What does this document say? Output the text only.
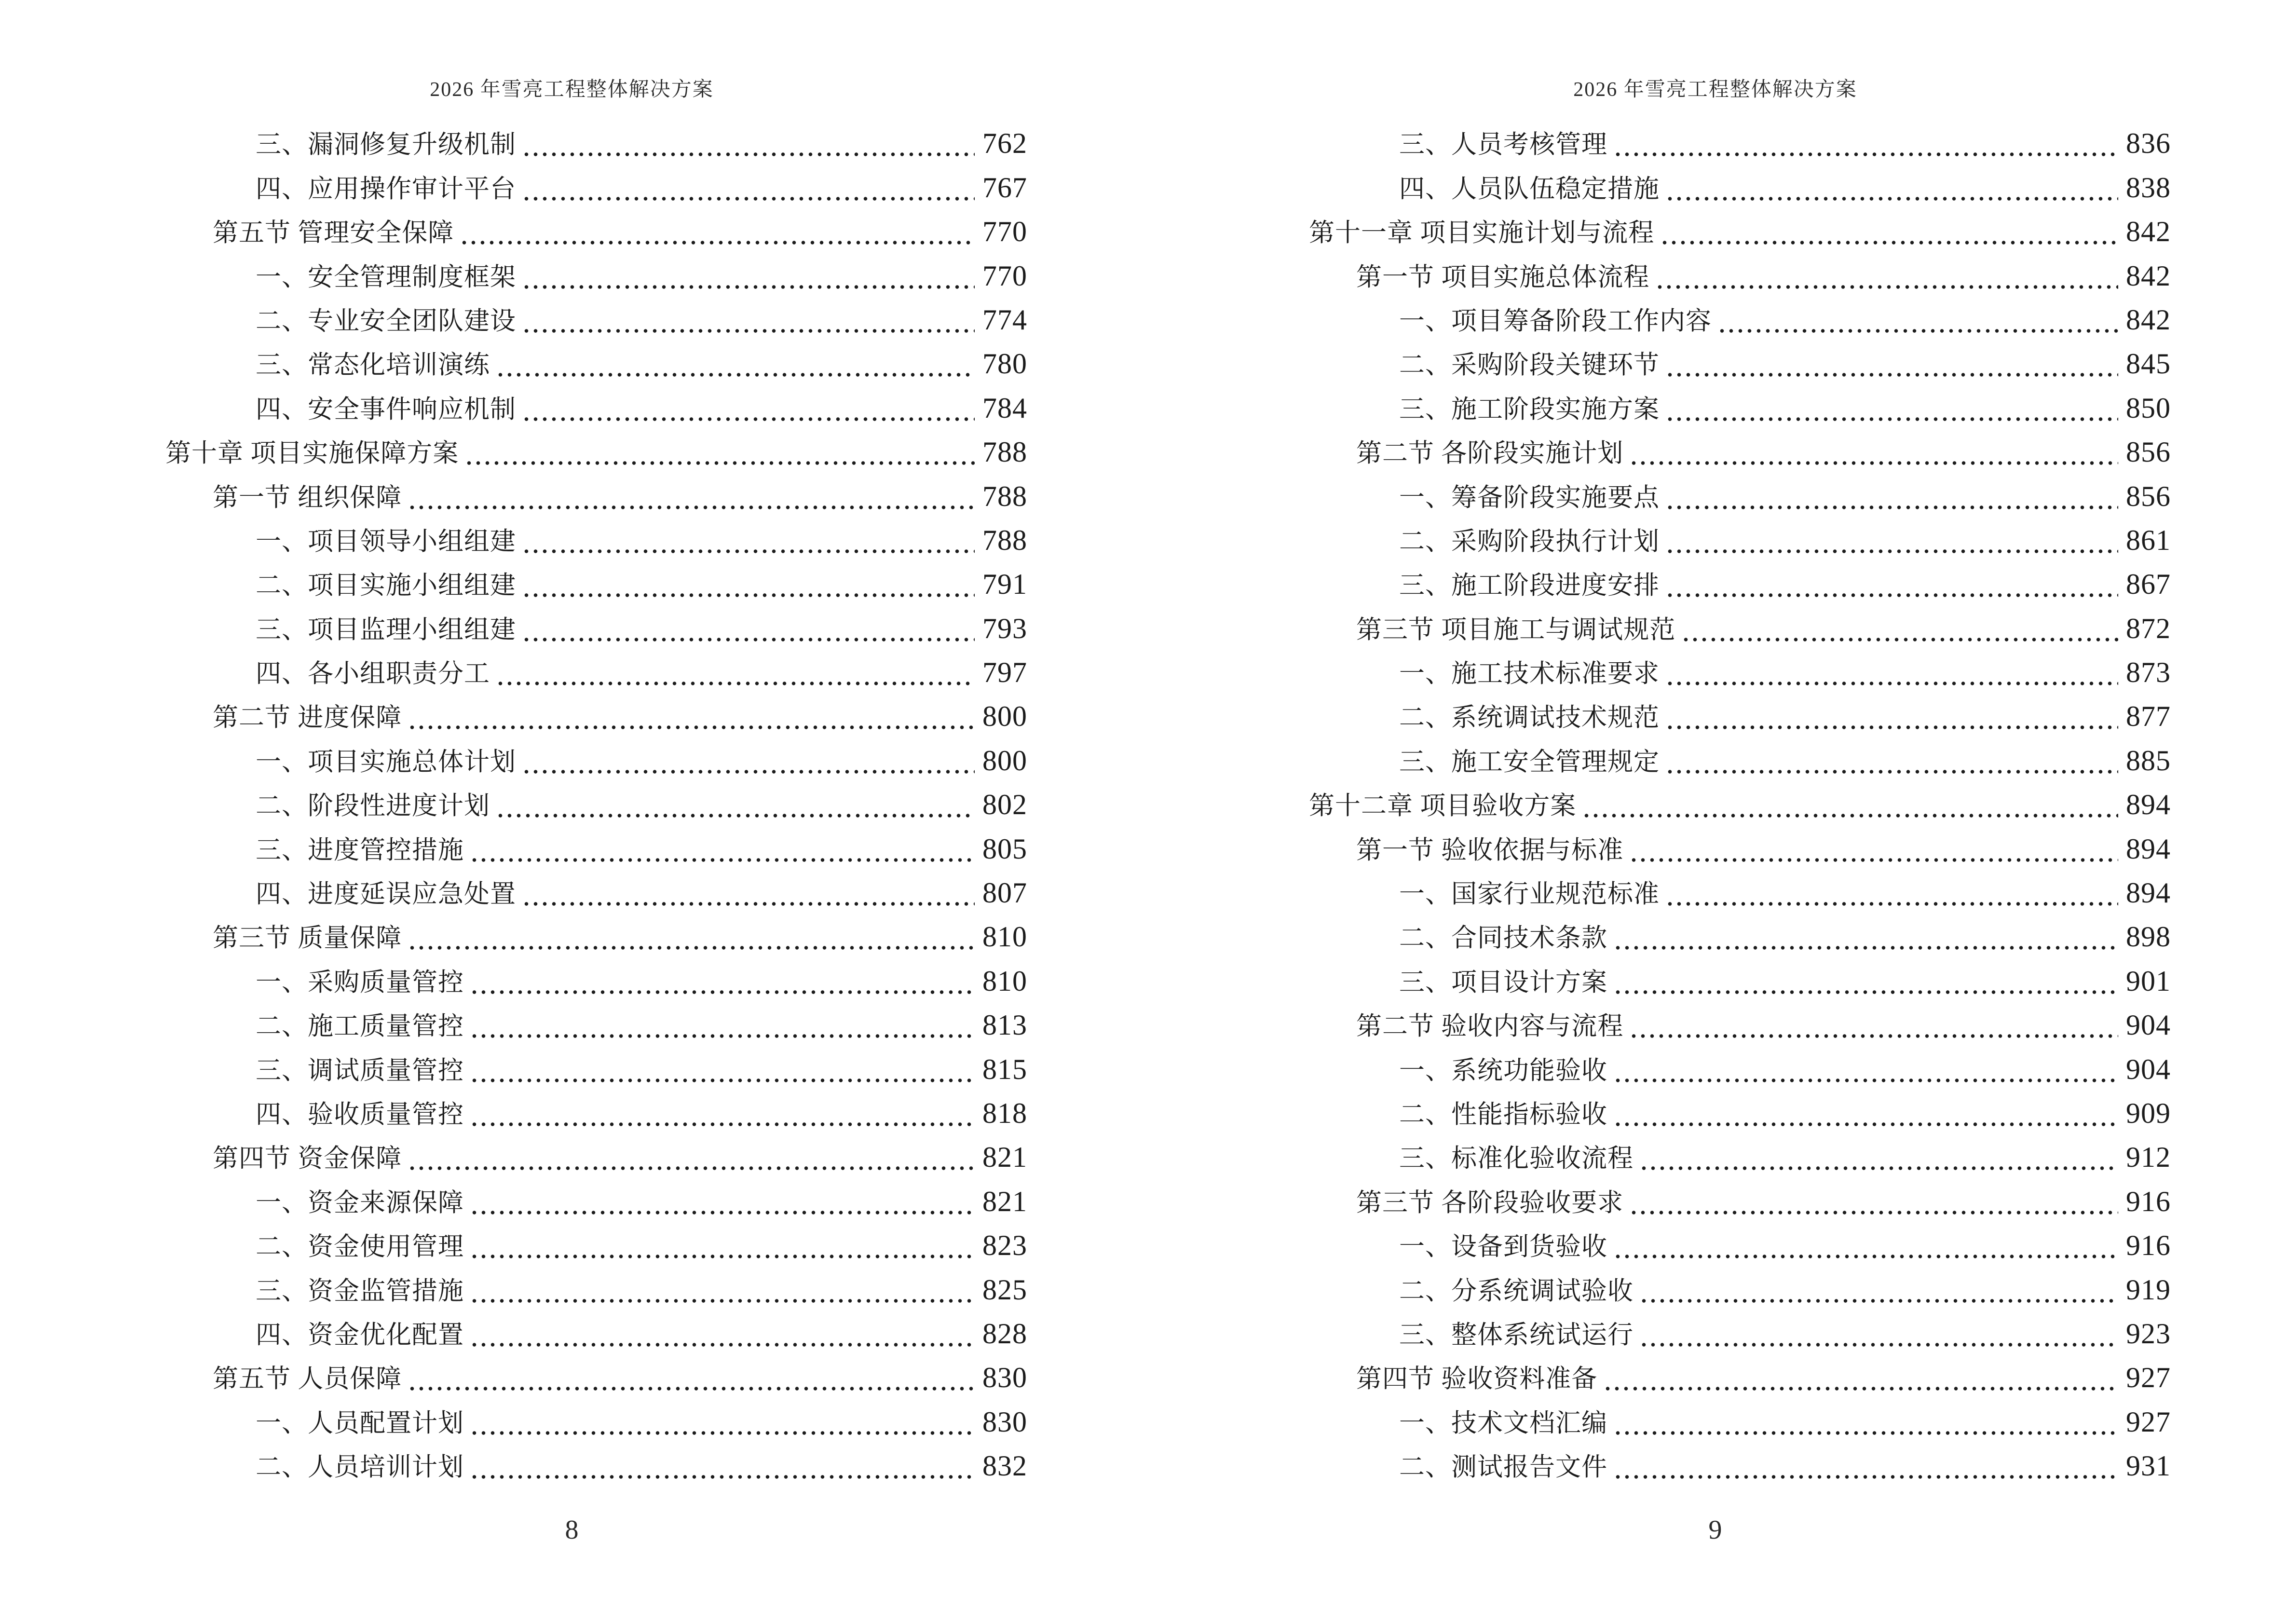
2026 年雪亮工程整体解决方案
三、漏洞修复升级机制	762
四、应用操作审计平台	767
第五节 管理安全保障	770
一、安全管理制度框架	770
二、专业安全团队建设	774
三、常态化培训演练	780
四、安全事件响应机制	784
第十章 项目实施保障方案	788
第一节 组织保障	788
一、项目领导小组组建	788
二、项目实施小组组建	791
三、项目监理小组组建	793
四、各小组职责分工	797
第二节 进度保障	800
一、项目实施总体计划	800
二、阶段性进度计划	802
三、进度管控措施	805
四、进度延误应急处置	807
第三节 质量保障	810
一、采购质量管控	810
二、施工质量管控	813
三、调试质量管控	815
四、验收质量管控	818
第四节 资金保障	821
一、资金来源保障	821
二、资金使用管理	823
三、资金监管措施	825
四、资金优化配置	828
第五节 人员保障	830
一、人员配置计划	830
二、人员培训计划	832
8
2026 年雪亮工程整体解决方案
三、人员考核管理	836
四、人员队伍稳定措施	838
第十一章 项目实施计划与流程	842
第一节 项目实施总体流程	842
一、项目筹备阶段工作内容	842
二、采购阶段关键环节	845
三、施工阶段实施方案	850
第二节 各阶段实施计划	856
一、筹备阶段实施要点	856
二、采购阶段执行计划	861
三、施工阶段进度安排	867
第三节 项目施工与调试规范	872
一、施工技术标准要求	873
二、系统调试技术规范	877
三、施工安全管理规定	885
第十二章 项目验收方案	894
第一节 验收依据与标准	894
一、国家行业规范标准	894
二、合同技术条款	898
三、项目设计方案	901
第二节 验收内容与流程	904
一、系统功能验收	904
二、性能指标验收	909
三、标准化验收流程	912
第三节 各阶段验收要求	916
一、设备到货验收	916
二、分系统调试验收	919
三、整体系统试运行	923
第四节 验收资料准备	927
一、技术文档汇编	927
二、测试报告文件	931
9
